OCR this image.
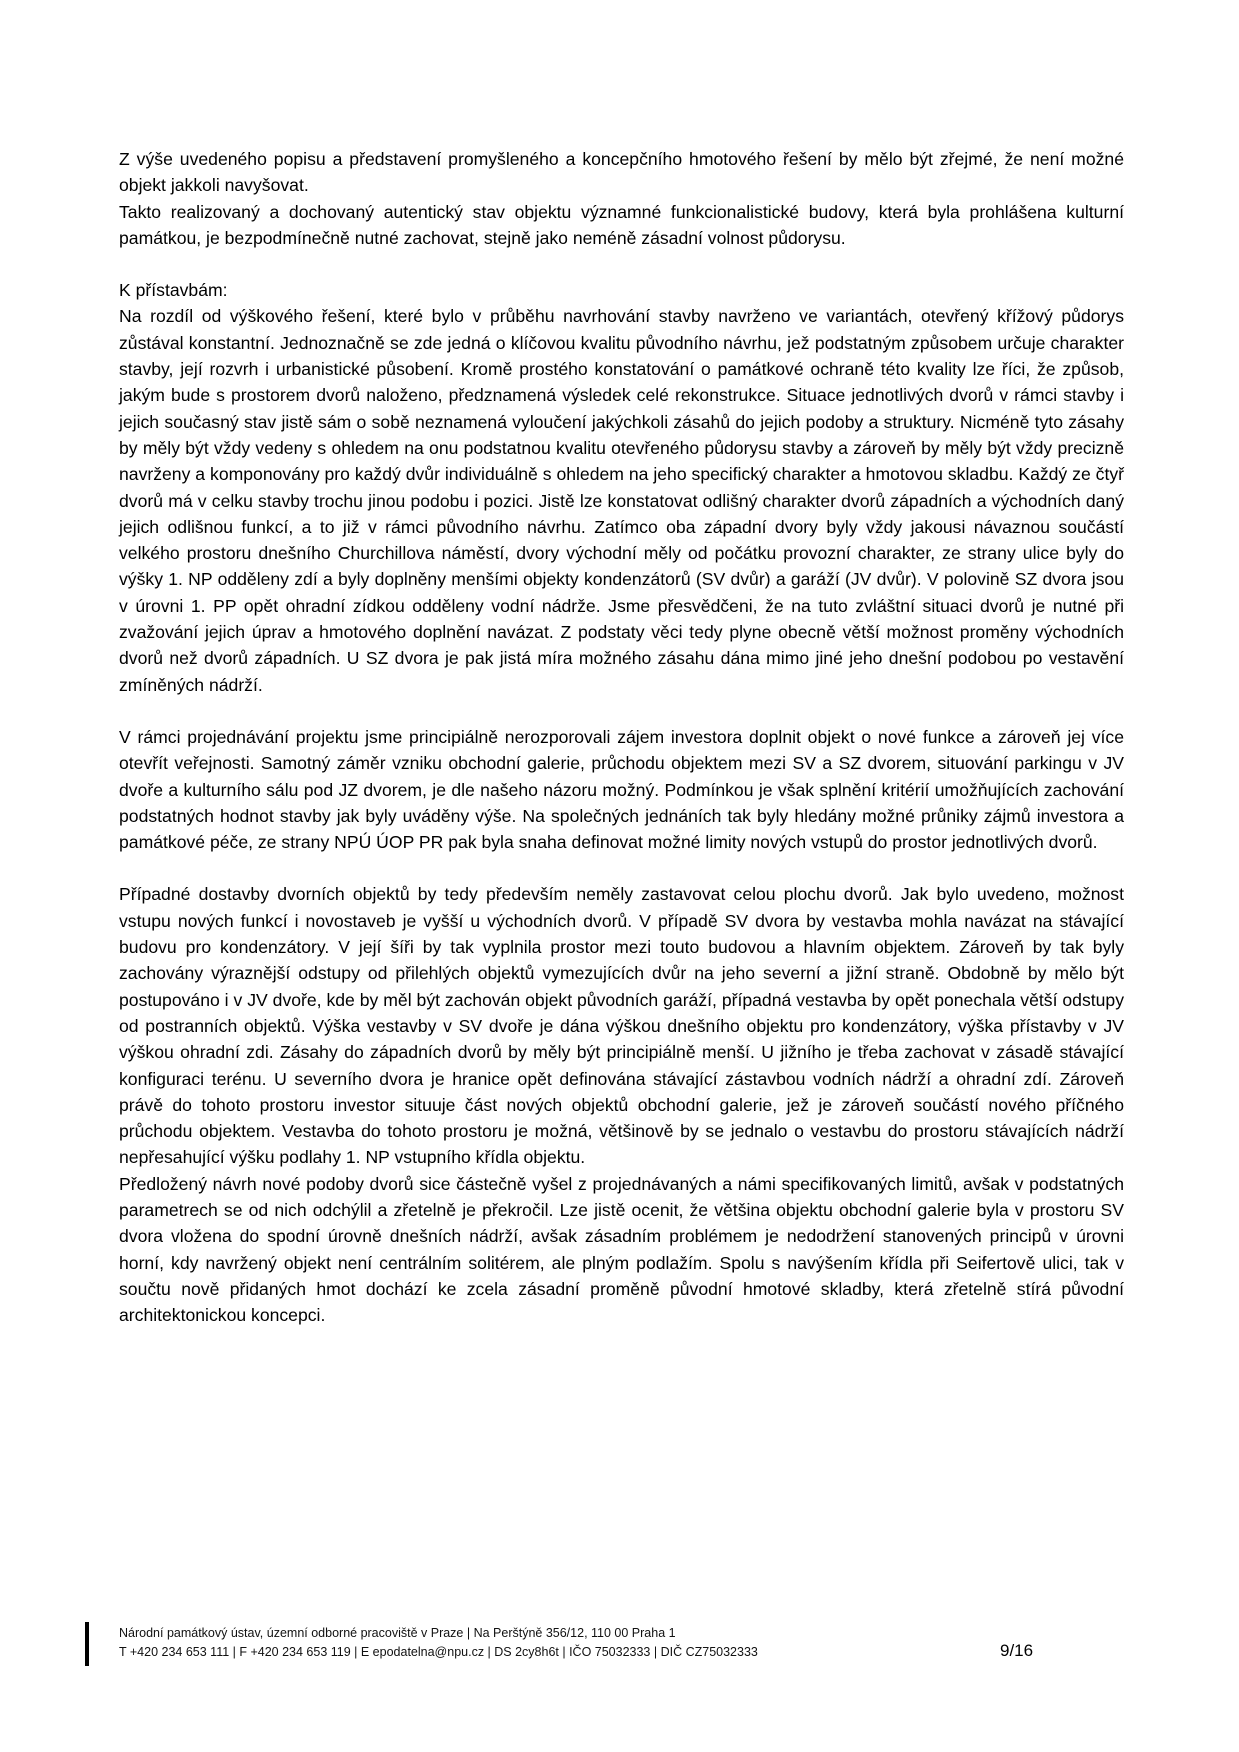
Z výše uvedeného popisu a představení promyšleného a koncepčního hmotového řešení by mělo být zřejmé, že není možné objekt jakkoli navyšovat.

Takto realizovaný a dochovaný autentický stav objektu významné funkcionalistické budovy, která byla prohlášena kulturní památkou, je bezpodmínečně nutné zachovat, stejně jako neméně zásadní volnost půdorysu.

K přístavbám:

Na rozdíl od výškového řešení, které bylo v průběhu navrhování stavby navrženo ve variantách, otevřený křížový půdorys zůstával konstantní. Jednoznačně se zde jedná o klíčovou kvalitu původního návrhu, jež podstatným způsobem určuje charakter stavby, její rozvrh i urbanistické působení. Kromě prostého konstatování o památkové ochraně této kvality lze říci, že způsob, jakým bude s prostorem dvorů naloženo, předznamená výsledek celé rekonstrukce. Situace jednotlivých dvorů v rámci stavby i jejich současný stav jistě sám o sobě neznamená vyloučení jakýchkoli zásahů do jejich podoby a struktury. Nicméně tyto zásahy by měly být vždy vedeny s ohledem na onu podstatnou kvalitu otevřeného půdorysu stavby a zároveň by měly být vždy precizně navrženy a komponovány pro každý dvůr individuálně s ohledem na jeho specifický charakter a hmotovou skladbu. Každý ze čtyř dvorů má v celku stavby trochu jinou podobu i pozici. Jistě lze konstatovat odlišný charakter dvorů západních a východních daný jejich odlišnou funkcí, a to již v rámci původního návrhu. Zatímco oba západní dvory byly vždy jakousi návaznou součástí velkého prostoru dnešního Churchillova náměstí, dvory východní měly od počátku provozní charakter, ze strany ulice byly do výšky 1. NP odděleny zdí a byly doplněny menšími objekty kondenzátorů (SV dvůr) a garáží (JV dvůr). V polovině SZ dvora jsou v úrovni 1. PP opět ohradní zídkou odděleny vodní nádrže. Jsme přesvědčeni, že na tuto zvláštní situaci dvorů je nutné při zvažování jejich úprav a hmotového doplnění navázat. Z podstaty věci tedy plyne obecně větší možnost proměny východních dvorů než dvorů západních. U SZ dvora je pak jistá míra možného zásahu dána mimo jiné jeho dnešní podobou po vestavění zmíněných nádrží.

V rámci projednávání projektu jsme principiálně nerozporovali zájem investora doplnit objekt o nové funkce a zároveň jej více otevřít veřejnosti. Samotný záměr vzniku obchodní galerie, průchodu objektem mezi SV a SZ dvorem, situování parkingu v JV dvoře a kulturního sálu pod JZ dvorem, je dle našeho názoru možný. Podmínkou je však splnění kritérií umožňujících zachování podstatných hodnot stavby jak byly uváděny výše. Na společných jednáních tak byly hledány možné průniky zájmů investora a památkové péče, ze strany NPÚ ÚOP PR pak byla snaha definovat možné limity nových vstupů do prostor jednotlivých dvorů.

Případné dostavby dvorních objektů by tedy především neměly zastavovat celou plochu dvorů. Jak bylo uvedeno, možnost vstupu nových funkcí i novostaveb je vyšší u východních dvorů. V případě SV dvora by vestavba mohla navázat na stávající budovu pro kondenzátory. V její šíři by tak vyplnila prostor mezi touto budovou a hlavním objektem. Zároveň by tak byly zachovány výraznější odstupy od přilehlých objektů vymezujících dvůr na jeho severní a jižní straně. Obdobně by mělo být postupováno i v JV dvoře, kde by měl být zachován objekt původních garáží, případná vestavba by opět ponechala větší odstupy od postranních objektů. Výška vestavby v SV dvoře je dána výškou dnešního objektu pro kondenzátory, výška přístavby v JV výškou ohradní zdi. Zásahy do západních dvorů by měly být principiálně menší. U jižního je třeba zachovat v zásadě stávající konfiguraci terénu. U severního dvora je hranice opět definována stávající zástavbou vodních nádrží a ohradní zdí. Zároveň právě do tohoto prostoru investor situuje část nových objektů obchodní galerie, jež je zároveň součástí nového příčného průchodu objektem. Vestavba do tohoto prostoru je možná, většinově by se jednalo o vestavbu do prostoru stávajících nádrží nepřesahující výšku podlahy 1. NP vstupního křídla objektu.

Předložený návrh nové podoby dvorů sice částečně vyšel z projednávaných a námi specifikovaných limitů, avšak v podstatných parametrech se od nich odchýlil a zřetelně je překročil. Lze jistě ocenit, že většina objektu obchodní galerie byla v prostoru SV dvora vložena do spodní úrovně dnešních nádrží, avšak zásadním problémem je nedodržení stanovených principů v úrovni horní, kdy navržený objekt není centrálním solitérem, ale plným podlažím. Spolu s navýšením křídla při Seifertově ulici, tak v součtu nově přidaných hmot dochází ke zcela zásadní proměně původní hmotové skladby, která zřetelně stírá původní architektonickou koncepci.

Národní památkový ústav, územní odborné pracoviště v Praze | Na Perštýně 356/12, 110 00 Praha 1
T +420 234 653 111 | F +420 234 653 119 | E epodatelna@npu.cz | DS 2cy8h6t | IČO 75032333 | DIČ CZ75032333	9/16
